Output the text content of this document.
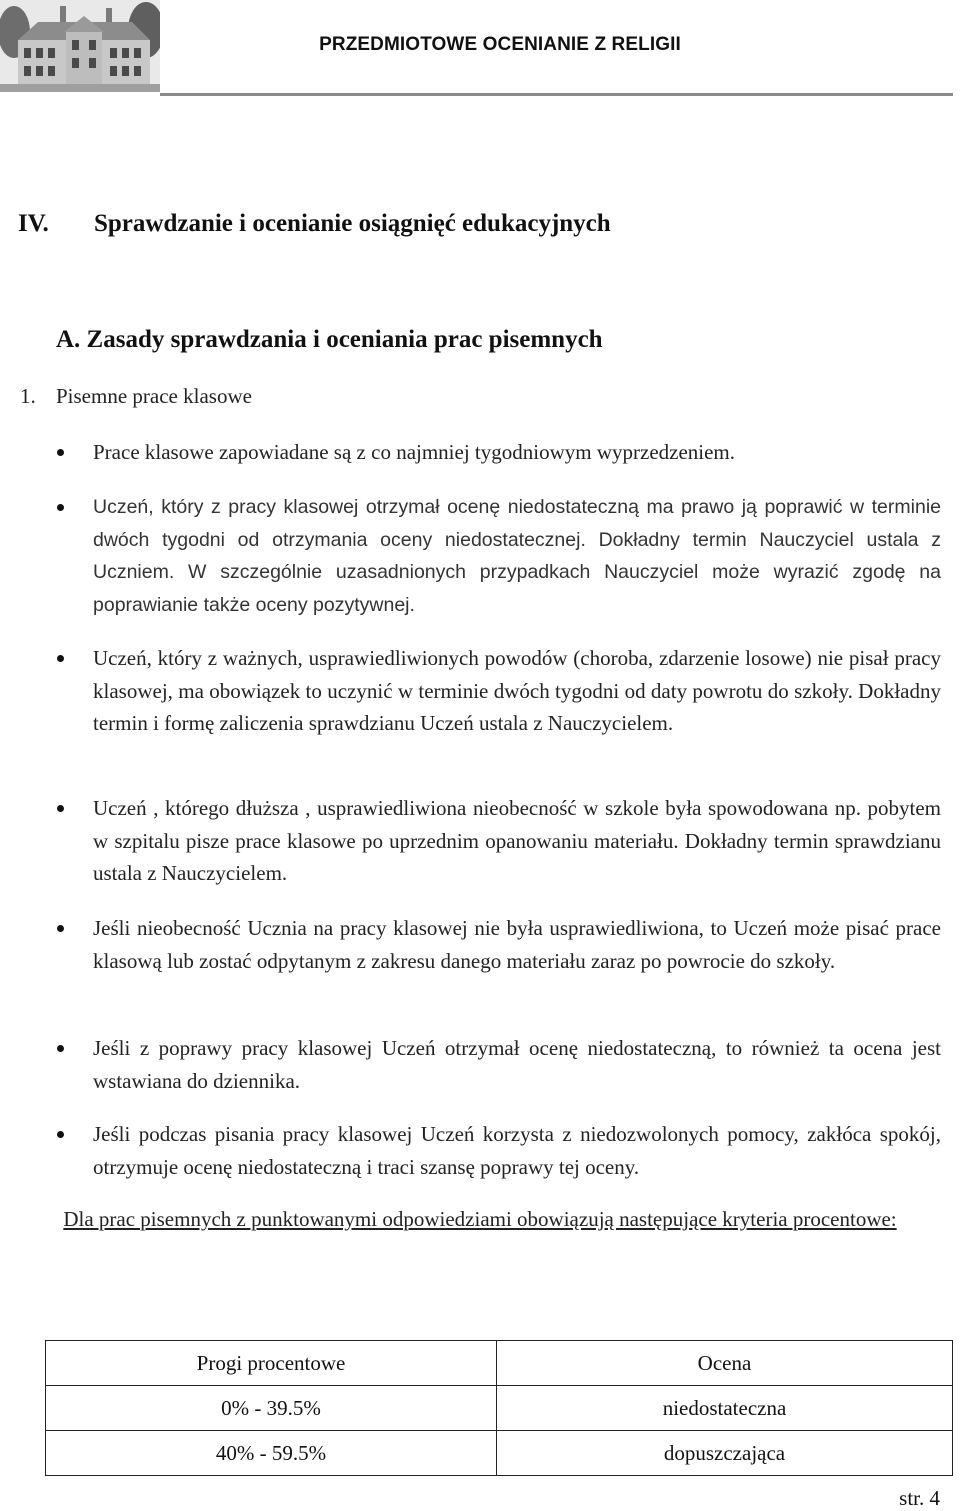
PRZEDMIOTOWE OCENIANIE Z RELIGII
IV. Sprawdzanie i ocenianie osiągnięć edukacyjnych
A. Zasady sprawdzania i oceniania prac pisemnych
1. Pisemne prace klasowe
Prace klasowe zapowiadane są z co najmniej tygodniowym wyprzedzeniem.
Uczeń, który z pracy klasowej otrzymał ocenę niedostateczną ma prawo ją poprawić w terminie dwóch tygodni od otrzymania oceny niedostatecznej. Dokładny termin Nauczyciel ustala z Uczniem. W szczególnie uzasadnionych przypadkach Nauczyciel może wyrazić zgodę na poprawianie także oceny pozytywnej.
Uczeń, który z ważnych, usprawiedliwionych powodów (choroba, zdarzenie losowe) nie pisał pracy klasowej, ma obowiązek to uczynić w terminie dwóch tygodni od daty powrotu do szkoły. Dokładny termin i formę zaliczenia sprawdzianu Uczeń ustala z Nauczycielem.
Uczeń , którego dłuższa , usprawiedliwiona nieobecność w szkole była spowodowana np. pobytem w szpitalu pisze prace klasowe po uprzednim opanowaniu materiału. Dokładny termin sprawdzianu ustala z Nauczycielem.
Jeśli nieobecność Ucznia na pracy klasowej nie była usprawiedliwiona, to Uczeń może pisać prace klasową lub zostać odpytanym z zakresu danego materiału zaraz po powrocie do szkoły.
Jeśli z poprawy pracy klasowej Uczeń otrzymał ocenę niedostateczną, to również ta ocena jest wstawiana do dziennika.
Jeśli podczas pisania pracy klasowej Uczeń korzysta z niedozwolonych pomocy, zakłóca spokój, otrzymuje ocenę niedostateczną i traci szansę poprawy tej oceny.
Dla prac pisemnych z punktowanymi odpowiedziami obowiązują następujące kryteria procentowe:
Progi procentowe	Ocena
0% - 39.5%	niedostateczna
40% - 59.5%	dopuszczająca
str. 4
